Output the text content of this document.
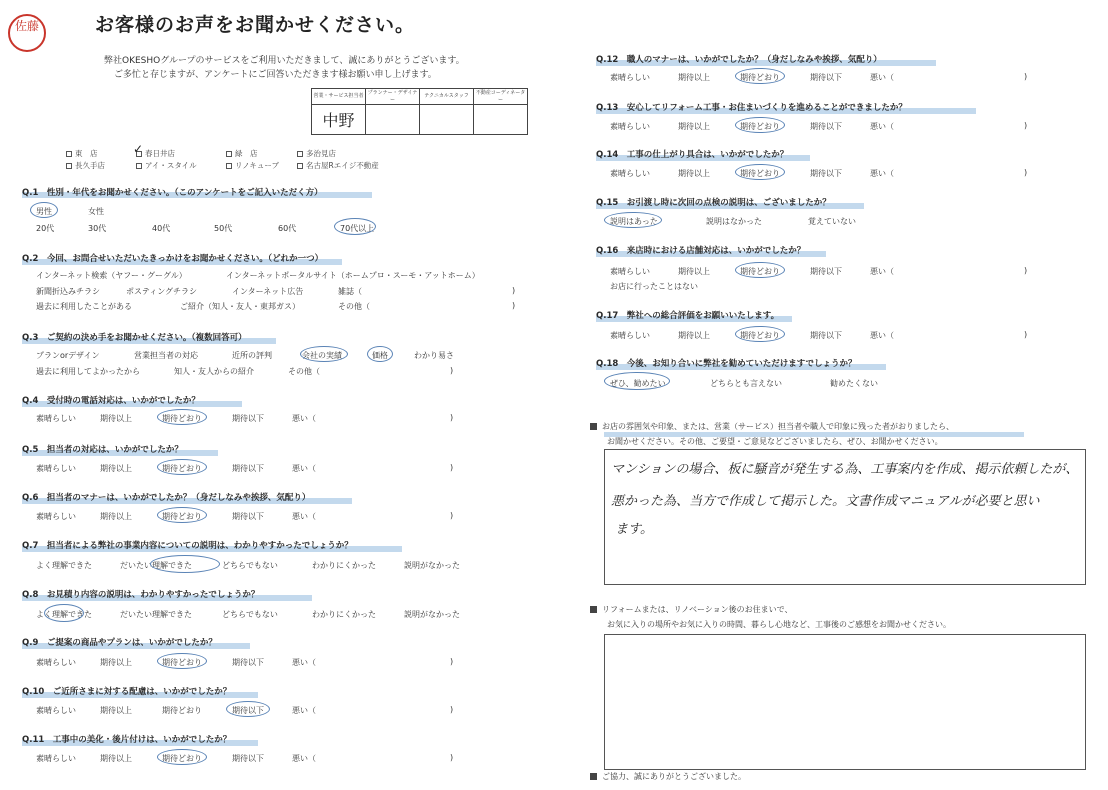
佐藤	お客様のお声をお聞かせください。
弊社OKESHOグループのサービスをご利用いただきまして、誠にありがとうございます。
ご多忙と存じますが、アンケートにご回答いただきます様お願い申し上げます。
営業・サービス担当者	プランナー・デザイナー	テクニカルスタッフ	不動産コーディネーター
中野			
東　店	春日井店	緑　店	多治見店
長久手店	アイ・スタイル	リノキューブ	名古屋Rエイジ不動産
✓
Q.1　性別・年代をお聞かせください。（このアンケートをご記入いただく方）
男性	女性
20代	30代	40代	50代	60代	70代以上
Q.2　今回、お問合せいただいたきっかけをお聞かせください。（どれか一つ）
インターネット検索（ヤフー・グーグル）	インターネットポータルサイト（ホームプロ・スーモ・アットホーム）
新聞折込みチラシ	ポスティングチラシ	インターネット広告	雑誌（	)
過去に利用したことがある	ご紹介（知人・友人・東邦ガス）	その他（	)
Q.3　ご契約の決め手をお聞かせください。（複数回答可）
プランorデザイン	営業担当者の対応	近所の評判	会社の実績	価格	わかり易さ
過去に利用してよかったから	知人・友人からの紹介	その他（	)
Q.4　受付時の電話対応は、いかがでしたか？
素晴らしい	期待以上	期待どおり	期待以下	悪い（	)
Q.5　担当者の対応は、いかがでしたか？
素晴らしい	期待以上	期待どおり	期待以下	悪い（	)
Q.6　担当者のマナーは、いかがでしたか？（身だしなみや挨拶、気配り）
素晴らしい	期待以上	期待どおり	期待以下	悪い（	)
Q.7　担当者による弊社の事業内容についての説明は、わかりやすかったでしょうか？
よく理解できた	だいたい理解できた	どちらでもない	わかりにくかった	説明がなかった
Q.8　お見積り内容の説明は、わかりやすかったでしょうか？
よく理解できた	だいたい理解できた	どちらでもない	わかりにくかった	説明がなかった
Q.9　ご提案の商品やプランは、いかがでしたか？
素晴らしい	期待以上	期待どおり	期待以下	悪い（	)
Q.10　ご近所さまに対する配慮は、いかがでしたか？
素晴らしい	期待以上	期待どおり	期待以下	悪い（	)
Q.11　工事中の美化・後片付けは、いかがでしたか？
素晴らしい	期待以上	期待どおり	期待以下	悪い（	)
Q.12　職人のマナーは、いかがでしたか？（身だしなみや挨拶、気配り）
素晴らしい	期待以上	期待どおり	期待以下	悪い（	)
Q.13　安心してリフォーム工事・お住まいづくりを進めることができましたか？
素晴らしい	期待以上	期待どおり	期待以下	悪い（	)
Q.14　工事の仕上がり具合は、いかがでしたか？
素晴らしい	期待以上	期待どおり	期待以下	悪い（	)
Q.15　お引渡し時に次回の点検の説明は、ございましたか？
説明はあった	説明はなかった	覚えていない
Q.16　来店時における店舗対応は、いかがでしたか？
素晴らしい	期待以上	期待どおり	期待以下	悪い（	)
お店に行ったことはない
Q.17　弊社への総合評価をお願いいたします。
素晴らしい	期待以上	期待どおり	期待以下	悪い（	)
Q.18　今後、お知り合いに弊社を勧めていただけますでしょうか？
ぜひ、勧めたい	どちらとも言えない	勧めたくない
お店の雰囲気や印象、または、営業（サービス）担当者や職人で印象に残った者がおりましたら、
お聞かせください。その他、ご要望・ご意見などございましたら、ぜひ、お聞かせください。
マンションの場合、板に騒音が発生する為、工事案内を作成、掲示依頼したが、
悪かった為、当方で作成して掲示した。文書作成マニュアルが必要と思い
ます。
リフォームまたは、リノベーション後のお住まいで、
お気に入りの場所やお気に入りの時間、暮らし心地など、工事後のご感想をお聞かせください。
ご協力、誠にありがとうございました。
